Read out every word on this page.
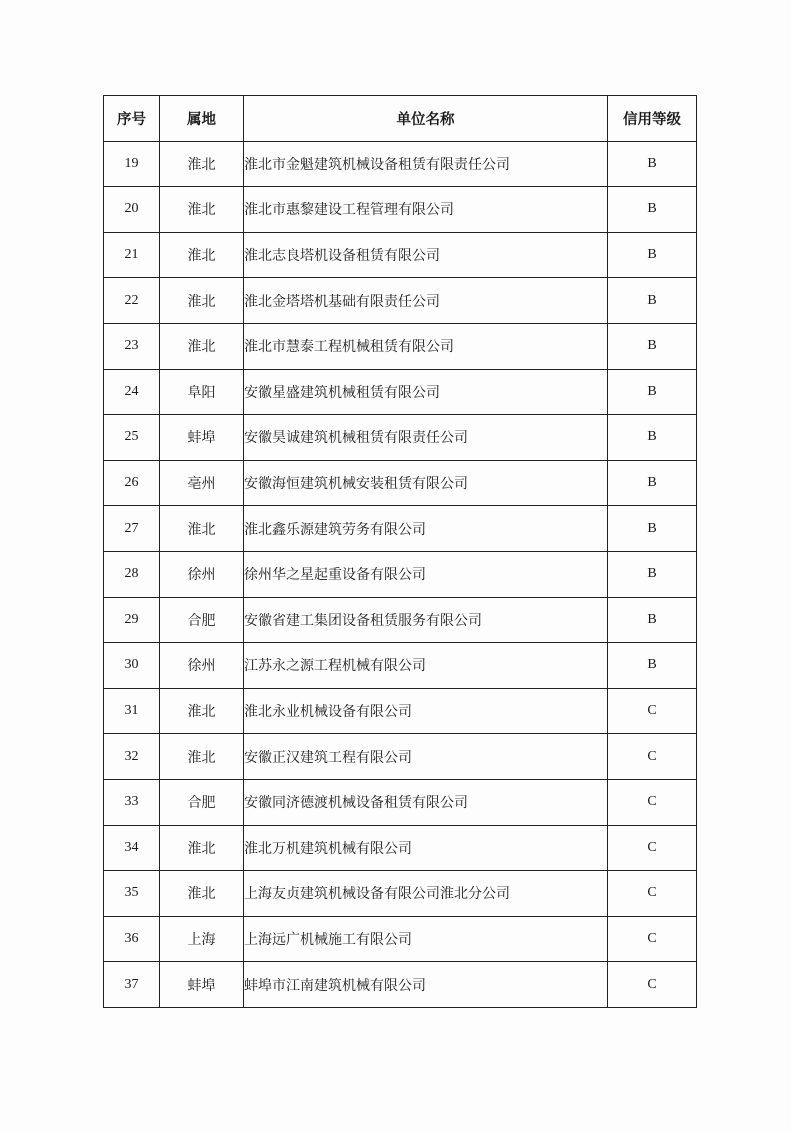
序号	属地	单位名称	信用等级
19	淮北	淮北市金魁建筑机械设备租赁有限责任公司	B
20	淮北	淮北市惠黎建设工程管理有限公司	B
21	淮北	淮北志良塔机设备租赁有限公司	B
22	淮北	淮北金塔塔机基础有限责任公司	B
23	淮北	淮北市慧泰工程机械租赁有限公司	B
24	阜阳	安徽星盛建筑机械租赁有限公司	B
25	蚌埠	安徽昊诚建筑机械租赁有限责任公司	B
26	亳州	安徽海恒建筑机械安装租赁有限公司	B
27	淮北	淮北鑫乐源建筑劳务有限公司	B
28	徐州	徐州华之星起重设备有限公司	B
29	合肥	安徽省建工集团设备租赁服务有限公司	B
30	徐州	江苏永之源工程机械有限公司	B
31	淮北	淮北永业机械设备有限公司	C
32	淮北	安徽正汉建筑工程有限公司	C
33	合肥	安徽同济德渡机械设备租赁有限公司	C
34	淮北	淮北万机建筑机械有限公司	C
35	淮北	上海友贞建筑机械设备有限公司淮北分公司	C
36	上海	上海远广机械施工有限公司	C
37	蚌埠	蚌埠市江南建筑机械有限公司	C
